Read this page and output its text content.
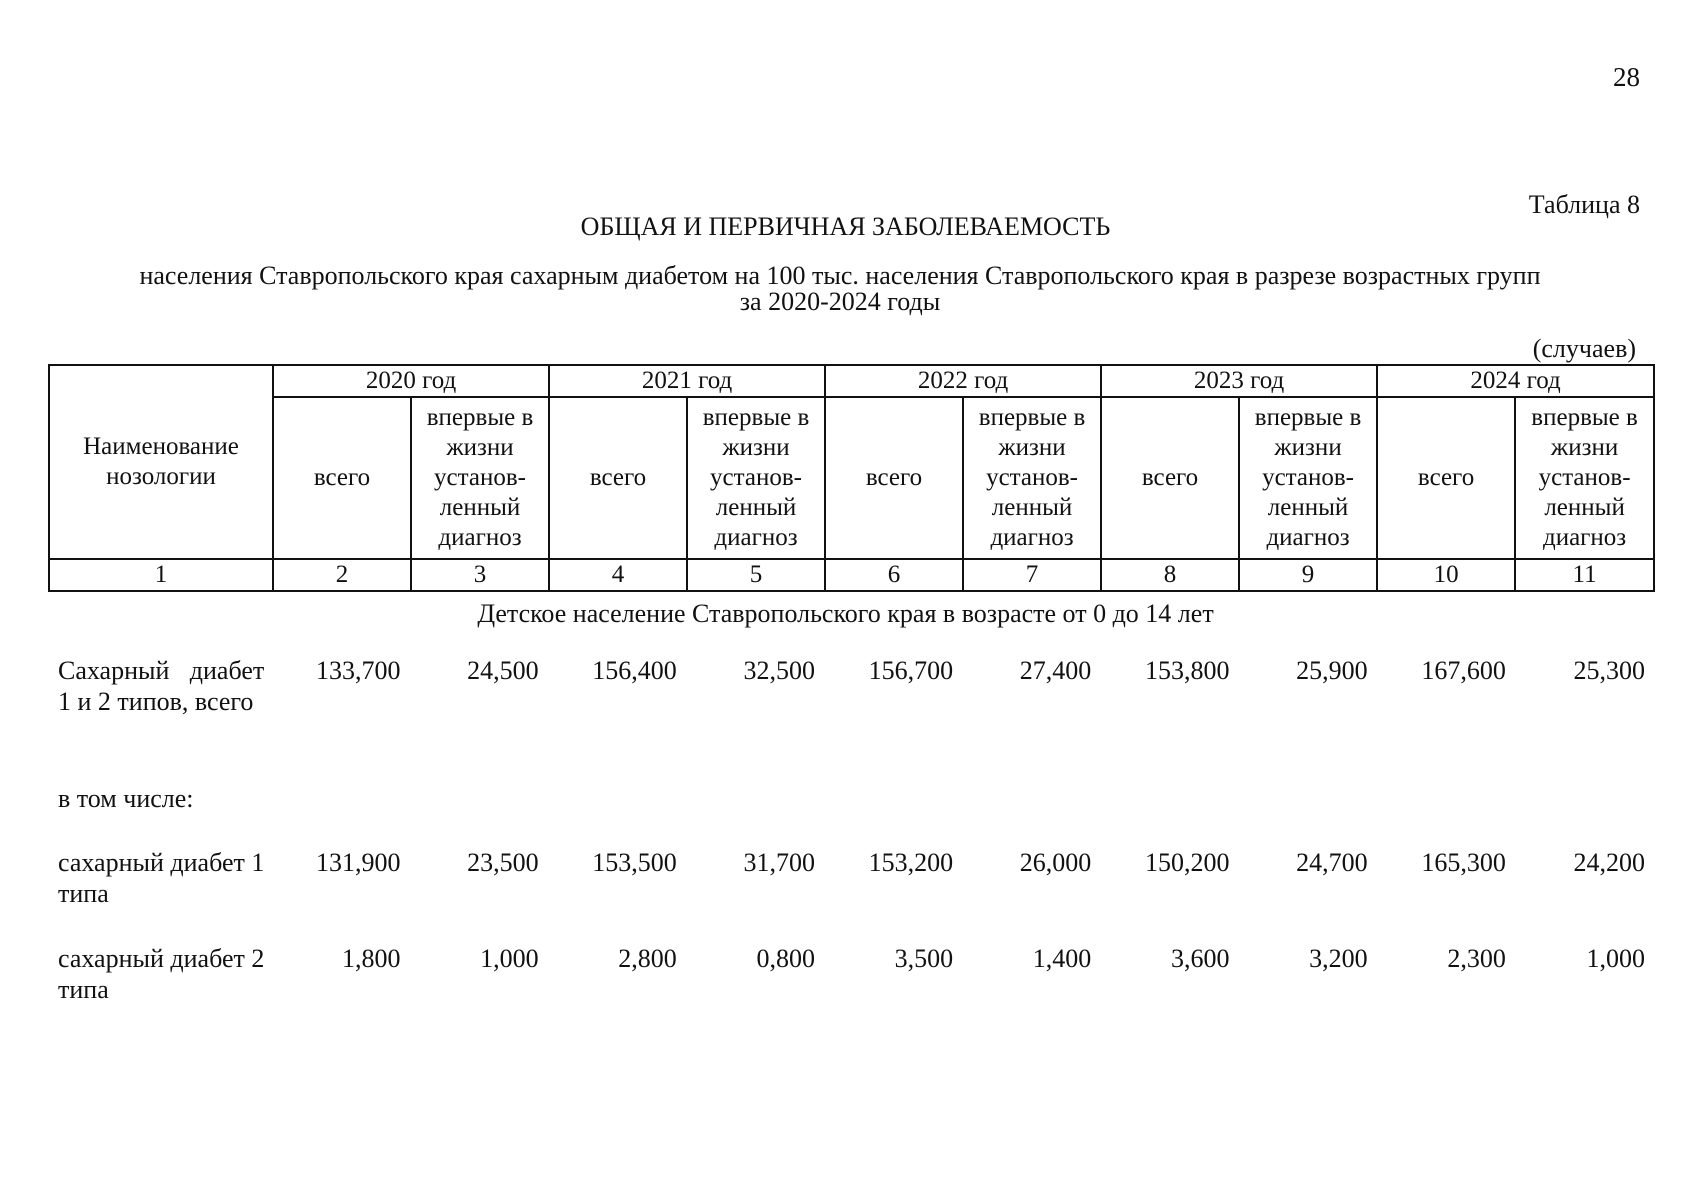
28
Таблица 8
ОБЩАЯ И ПЕРВИЧНАЯ ЗАБОЛЕВАЕМОСТЬ
населения Ставропольского края сахарным диабетом на 100 тыс. населения Ставропольского края в разрезе возрастных групп
за 2020-2024 годы
(случаев)
Наименование нозологии	2020 год		2021 год		2022 год		2023 год		2024 год	
	всего	впервые в жизни установ-ленный диагноз	всего	впервые в жизни установ-ленный диагноз	всего	впервые в жизни установ-ленный диагноз	всего	впервые в жизни установ-ленный диагноз	всего	впервые в жизни установ-ленный диагноз
1	2	3	4	5	6	7	8	9	10	11
Детское население Ставропольского края в возрасте от 0 до 14 лет
Сахарный диабет 1 и 2 типов, всего	133,700	24,500	156,400	32,500	156,700	27,400	153,800	25,900	167,600	25,300
в том числе:										
сахарный диабет 1 типа	131,900	23,500	153,500	31,700	153,200	26,000	150,200	24,700	165,300	24,200
сахарный диабет 2 типа	1,800	1,000	2,800	0,800	3,500	1,400	3,600	3,200	2,300	1,000
